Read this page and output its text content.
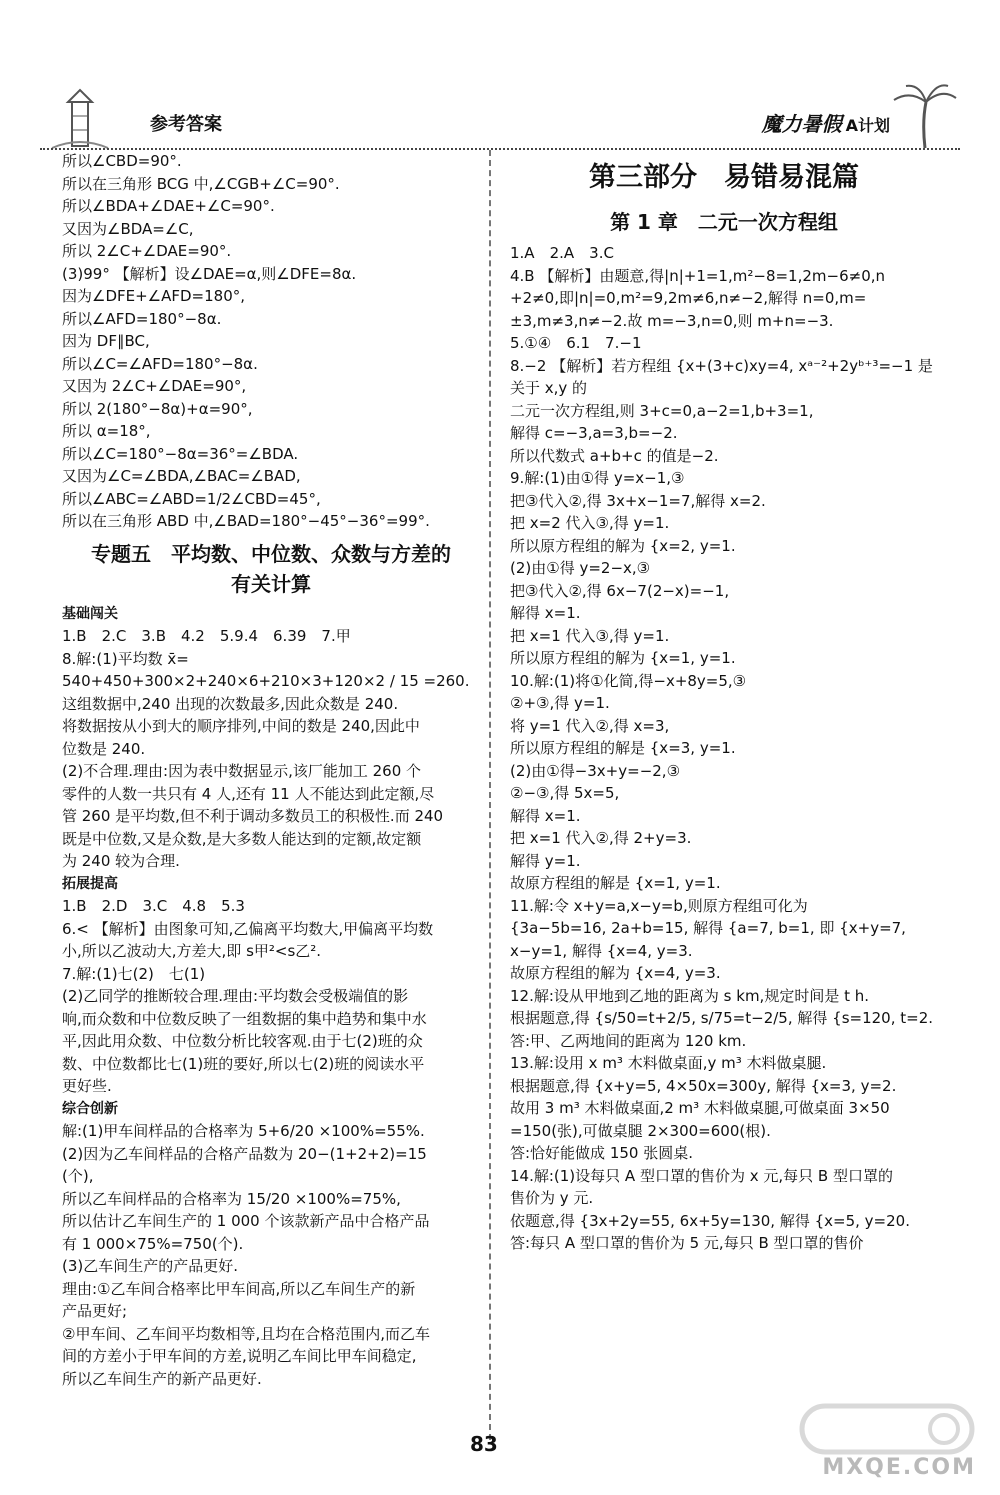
参考答案	魔力暑假 A计划

所以∠CBD=90°.

所以在三角形 BCG 中,∠CGB+∠C=90°.

所以∠BDA+∠DAE+∠C=90°.

又因为∠BDA=∠C,

所以 2∠C+∠DAE=90°.

(3)99° 【解析】设∠DAE=α,则∠DFE=8α.

因为∠DFE+∠AFD=180°,

所以∠AFD=180°−8α.

因为 DF∥BC,

所以∠C=∠AFD=180°−8α.

又因为 2∠C+∠DAE=90°,

所以 2(180°−8α)+α=90°,

所以 α=18°,

所以∠C=180°−8α=36°=∠BDA.

又因为∠C=∠BDA,∠BAC=∠BAD,

所以∠ABC=∠ABD=1/2∠CBD=45°,

所以在三角形 ABD 中,∠BAD=180°−45°−36°=99°.

专题五　平均数、中位数、众数与方差的
有关计算

基础闯关

1.B　2.C　3.B　4.2　5.9.4　6.39　7.甲

8.解:(1)平均数 x̄=

540+450+300×2+240×6+210×3+120×2 / 15 =260.

这组数据中,240 出现的次数最多,因此众数是 240.

将数据按从小到大的顺序排列,中间的数是 240,因此中

位数是 240.

(2)不合理.理由:因为表中数据显示,该厂能加工 260 个

零件的人数一共只有 4 人,还有 11 人不能达到此定额,尽

管 260 是平均数,但不利于调动多数员工的积极性.而 240

既是中位数,又是众数,是大多数人能达到的定额,故定额

为 240 较为合理.

拓展提高

1.B　2.D　3.C　4.8　5.3

6.< 【解析】由图象可知,乙偏离平均数大,甲偏离平均数

小,所以乙波动大,方差大,即 s甲²<s乙².

7.解:(1)七(2)　七(1)

(2)乙同学的推断较合理.理由:平均数会受极端值的影

响,而众数和中位数反映了一组数据的集中趋势和集中水

平,因此用众数、中位数分析比较客观.由于七(2)班的众

数、中位数都比七(1)班的要好,所以七(2)班的阅读水平

更好些.

综合创新

解:(1)甲车间样品的合格率为 5+6/20 ×100%=55%.

(2)因为乙车间样品的合格产品数为 20−(1+2+2)=15

(个),

所以乙车间样品的合格率为 15/20 ×100%=75%,

所以估计乙车间生产的 1 000 个该款新产品中合格产品

有 1 000×75%=750(个).

(3)乙车间生产的产品更好.

理由:①乙车间合格率比甲车间高,所以乙车间生产的新

产品更好;

②甲车间、乙车间平均数相等,且均在合格范围内,而乙车

间的方差小于甲车间的方差,说明乙车间比甲车间稳定,

所以乙车间生产的新产品更好.

第三部分　易错易混篇
第 1 章　二元一次方程组

1.A　2.A　3.C

4.B 【解析】由题意,得|n|+1=1,m²−8=1,2m−6≠0,n

+2≠0,即|n|=0,m²=9,2m≠6,n≠−2,解得 n=0,m=

±3,m≠3,n≠−2.故 m=−3,n=0,则 m+n=−3.

5.①④　6.1　7.−1

8.−2 【解析】若方程组 {x+(3+c)xy=4, xᵃ⁻²+2yᵇ⁺³=−1 是关于 x,y 的

二元一次方程组,则 3+c=0,a−2=1,b+3=1,

解得 c=−3,a=3,b=−2.

所以代数式 a+b+c 的值是−2.

9.解:(1)由①得 y=x−1,③

把③代入②,得 3x+x−1=7,解得 x=2.

把 x=2 代入③,得 y=1.

所以原方程组的解为 {x=2, y=1.

(2)由①得 y=2−x,③

把③代入②,得 6x−7(2−x)=−1,

解得 x=1.

把 x=1 代入③,得 y=1.

所以原方程组的解为 {x=1, y=1.

10.解:(1)将①化简,得−x+8y=5,③

②+③,得 y=1.

将 y=1 代入②,得 x=3,

所以原方程组的解是 {x=3, y=1.

(2)由①得−3x+y=−2,③

②−③,得 5x=5,

解得 x=1.

把 x=1 代入②,得 2+y=3.

解得 y=1.

故原方程组的解是 {x=1, y=1.

11.解:令 x+y=a,x−y=b,则原方程组可化为

{3a−5b=16, 2a+b=15, 解得 {a=7, b=1, 即 {x+y=7, x−y=1, 解得 {x=4, y=3.

故原方程组的解为 {x=4, y=3.

12.解:设从甲地到乙地的距离为 s km,规定时间是 t h.

根据题意,得 {s/50=t+2/5, s/75=t−2/5, 解得 {s=120, t=2.

答:甲、乙两地间的距离为 120 km.

13.解:设用 x m³ 木料做桌面,y m³ 木料做桌腿.

根据题意,得 {x+y=5, 4×50x=300y, 解得 {x=3, y=2.

故用 3 m³ 木料做桌面,2 m³ 木料做桌腿,可做桌面 3×50

=150(张),可做桌腿 2×300=600(根).

答:恰好能做成 150 张圆桌.

14.解:(1)设每只 A 型口罩的售价为 x 元,每只 B 型口罩的

售价为 y 元.

依题意,得 {3x+2y=55, 6x+5y=130, 解得 {x=5, y=20.

答:每只 A 型口罩的售价为 5 元,每只 B 型口罩的售价

83
MXQE.COM
